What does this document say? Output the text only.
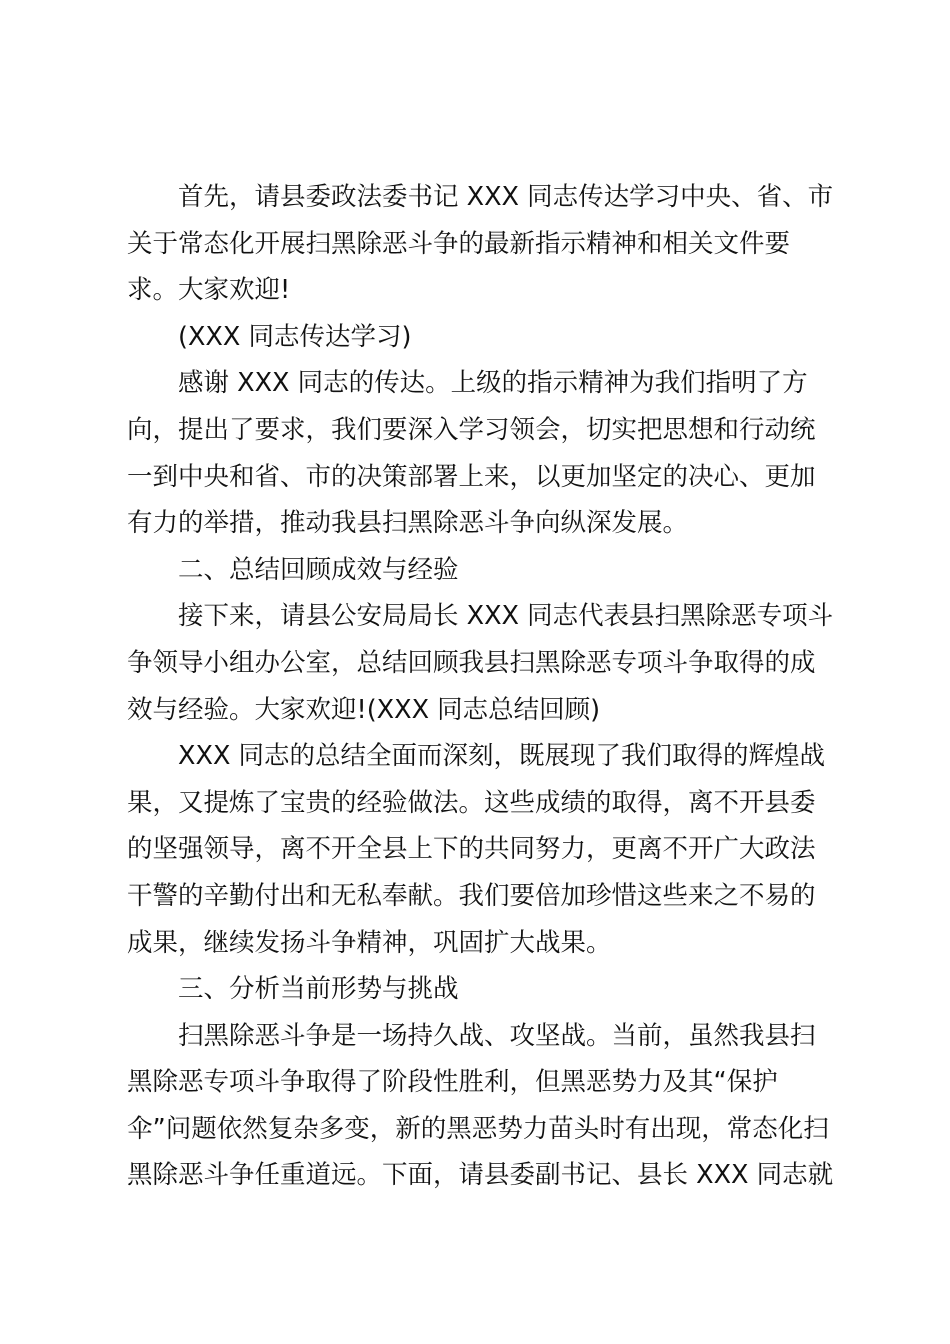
首先，请县委政法委书记 XXX 同志传达学习中央、省、市
关于常态化开展扫黑除恶斗争的最新指示精神和相关文件要
求。大家欢迎!
(XXX 同志传达学习)
感谢 XXX 同志的传达。上级的指示精神为我们指明了方
向，提出了要求，我们要深入学习领会，切实把思想和行动统
一到中央和省、市的决策部署上来，以更加坚定的决心、更加
有力的举措，推动我县扫黑除恶斗争向纵深发展。
二、总结回顾成效与经验
接下来，请县公安局局长 XXX 同志代表县扫黑除恶专项斗
争领导小组办公室，总结回顾我县扫黑除恶专项斗争取得的成
效与经验。大家欢迎!(XXX 同志总结回顾)
XXX 同志的总结全面而深刻，既展现了我们取得的辉煌战
果，又提炼了宝贵的经验做法。这些成绩的取得，离不开县委
的坚强领导，离不开全县上下的共同努力，更离不开广大政法
干警的辛勤付出和无私奉献。我们要倍加珍惜这些来之不易的
成果，继续发扬斗争精神，巩固扩大战果。
三、分析当前形势与挑战
扫黑除恶斗争是一场持久战、攻坚战。当前，虽然我县扫
黑除恶专项斗争取得了阶段性胜利，但黑恶势力及其“保护
伞”问题依然复杂多变，新的黑恶势力苗头时有出现，常态化扫
黑除恶斗争任重道远。下面，请县委副书记、县长 XXX 同志就
